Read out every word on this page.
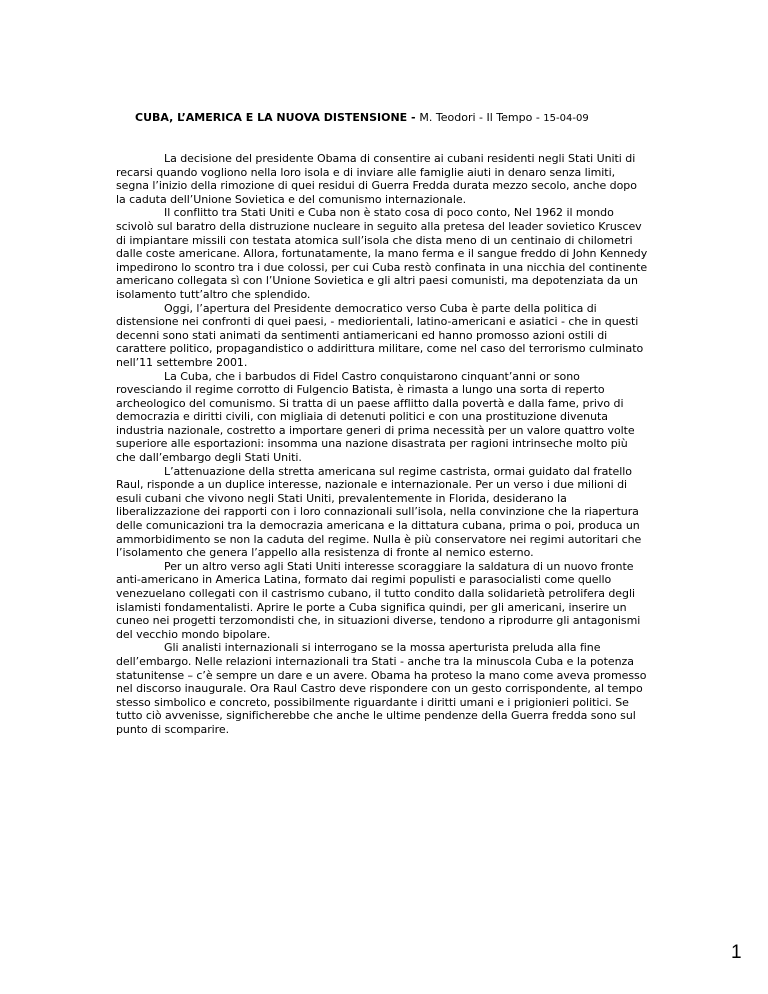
CUBA, L’AMERICA E LA NUOVA DISTENSIONE - M. Teodori - Il Tempo - 15-04-09

La decisione del presidente Obama di consentire ai cubani residenti negli Stati Uniti di recarsi quando vogliono nella loro isola e di inviare alle famiglie aiuti in denaro senza limiti, segna l’inizio della rimozione di quei residui di Guerra Fredda durata mezzo secolo, anche dopo la caduta dell’Unione Sovietica e del comunismo internazionale.

Il conflitto tra Stati Uniti e Cuba non è stato cosa di poco conto, Nel 1962 il mondo scivolò sul baratro della distruzione nucleare in seguito alla pretesa del leader sovietico Kruscev di impiantare missili con testata atomica sull’isola che dista meno di un centinaio di chilometri dalle coste americane. Allora, fortunatamente, la mano ferma e il sangue freddo di John Kennedy impedirono lo scontro tra i due colossi, per cui Cuba restò confinata in una nicchia del continente americano collegata sì con l’Unione Sovietica e gli altri paesi comunisti, ma depotenziata da un isolamento tutt’altro che splendido.

Oggi, l’apertura del Presidente democratico verso Cuba è parte della politica di distensione nei confronti di quei paesi, - mediorientali, latino-americani e asiatici - che in questi decenni sono stati animati da sentimenti antiamericani ed hanno promosso azioni ostili di carattere politico, propagandistico o addirittura militare, come nel caso del terrorismo culminato nell’11 settembre 2001.

La Cuba, che i barbudos di Fidel Castro conquistarono cinquant’anni or sono rovesciando il regime corrotto di Fulgencio Batista, è rimasta a lungo una sorta di reperto archeologico del comunismo. Si tratta di un paese afflitto dalla povertà e dalla fame, privo di democrazia e diritti civili, con migliaia di detenuti politici e con una prostituzione divenuta industria nazionale, costretto a importare generi di prima necessità per un valore quattro volte superiore alle esportazioni: insomma una nazione disastrata per ragioni intrinseche molto più che dall’embargo degli Stati Uniti.

L’attenuazione della stretta americana sul regime castrista, ormai guidato dal fratello Raul, risponde a un duplice interesse, nazionale e internazionale. Per un verso i due milioni di esuli cubani che vivono negli Stati Uniti, prevalentemente in Florida, desiderano la liberalizzazione dei rapporti con i loro connazionali sull’isola, nella convinzione che la riapertura delle comunicazioni tra la democrazia americana e la dittatura cubana, prima o poi, produca un ammorbidimento se non la caduta del regime. Nulla è più conservatore nei regimi autoritari che l’isolamento che genera l’appello alla resistenza di fronte al nemico esterno.

Per un altro verso agli Stati Uniti interesse scoraggiare la saldatura di un nuovo fronte anti-americano in America Latina, formato dai regimi populisti e parasocialisti come quello venezuelano collegati con il castrismo cubano, il tutto condito dalla solidarietà petrolifera degli islamisti fondamentalisti. Aprire le porte a Cuba significa quindi, per gli americani, inserire un cuneo nei progetti terzomondisti che, in situazioni diverse, tendono a riprodurre gli antagonismi del vecchio mondo bipolare.

Gli analisti internazionali si interrogano se la mossa aperturista preluda alla fine dell’embargo. Nelle relazioni internazionali tra Stati - anche tra la minuscola Cuba e la potenza statunitense – c’è sempre un dare e un avere. Obama ha proteso la mano come aveva promesso nel discorso inaugurale. Ora Raul Castro deve rispondere con un gesto corrispondente, al tempo stesso simbolico e concreto, possibilmente riguardante i diritti umani e i prigionieri politici. Se tutto ciò avvenisse, significherebbe che anche le ultime pendenze della Guerra fredda sono sul punto di scomparire.

1
